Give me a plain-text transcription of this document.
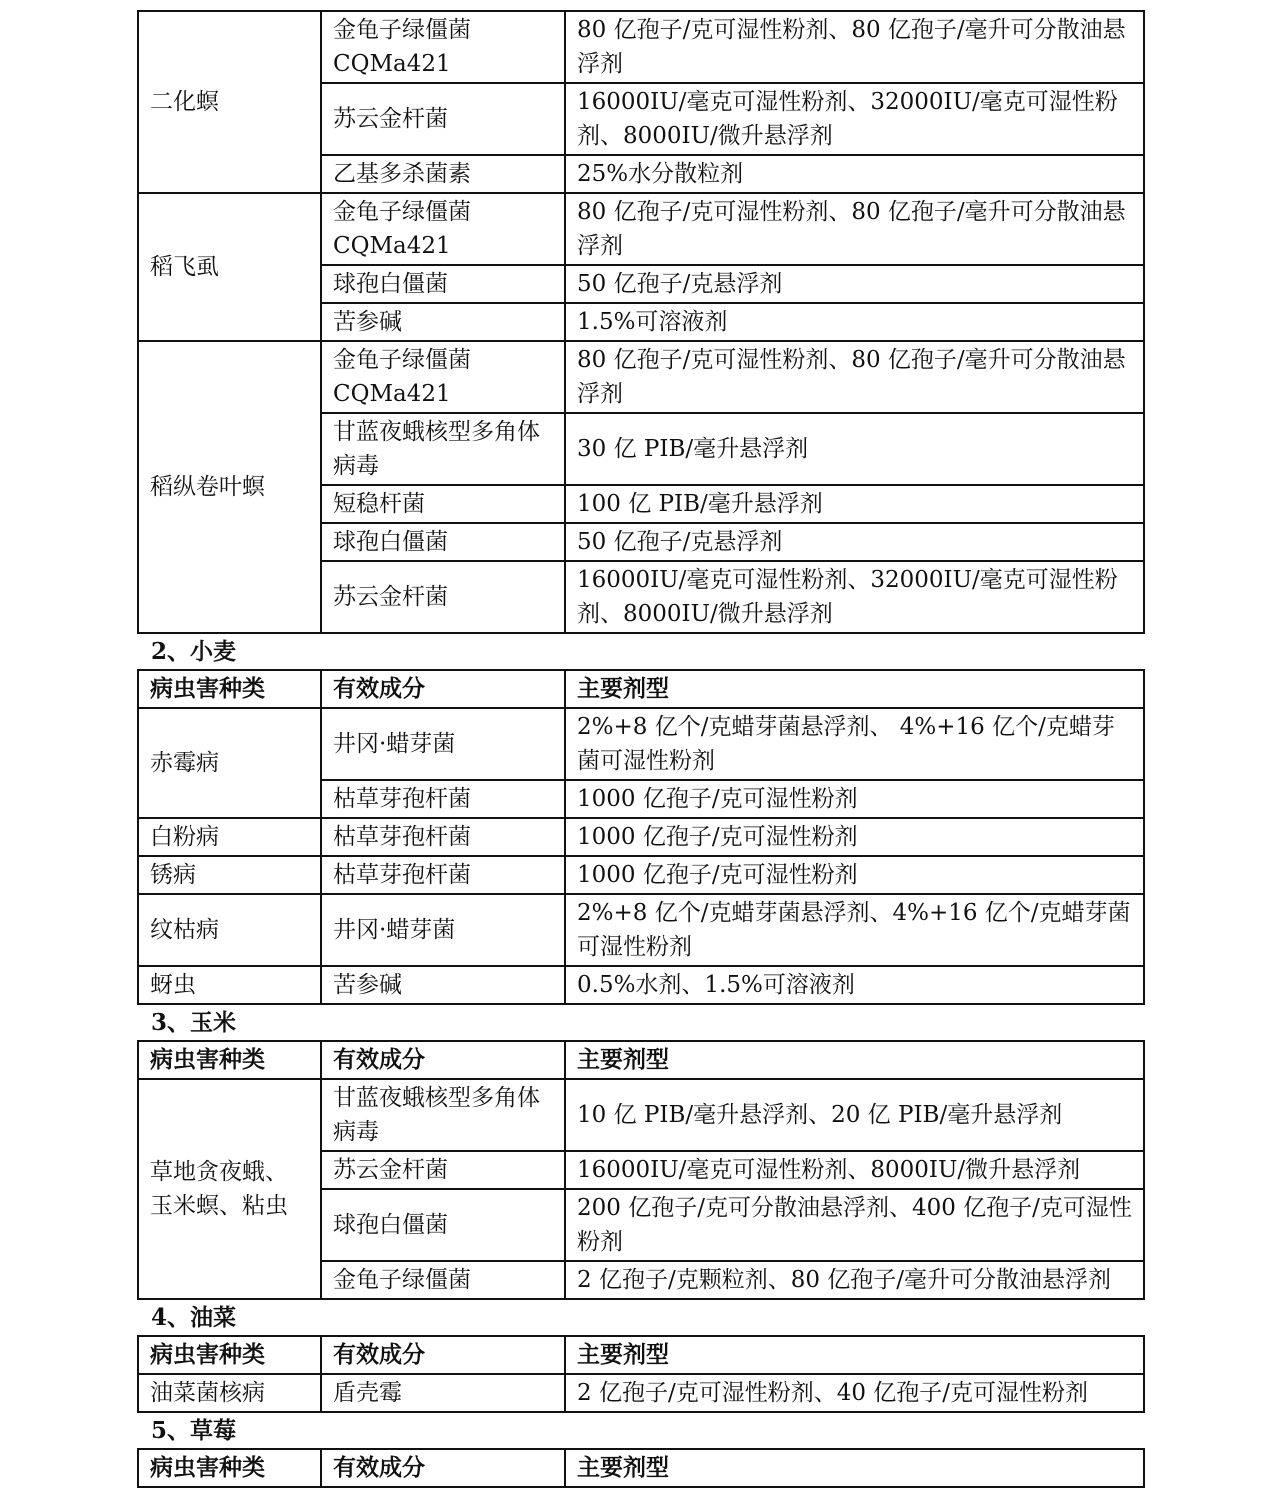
二化螟	金龟子绿僵菌 CQMa421	80 亿孢子/克可湿性粉剂、80 亿孢子/毫升可分散油悬浮剂
	苏云金杆菌	16000IU/毫克可湿性粉剂、32000IU/毫克可湿性粉剂、8000IU/微升悬浮剂
	乙基多杀菌素	25%水分散粒剂
稻飞虱	金龟子绿僵菌 CQMa421	80 亿孢子/克可湿性粉剂、80 亿孢子/毫升可分散油悬浮剂
	球孢白僵菌	50 亿孢子/克悬浮剂
	苦参碱	1.5%可溶液剂
稻纵卷叶螟	金龟子绿僵菌 CQMa421	80 亿孢子/克可湿性粉剂、80 亿孢子/毫升可分散油悬浮剂
	甘蓝夜蛾核型多角体病毒	30 亿 PIB/毫升悬浮剂
	短稳杆菌	100 亿 PIB/毫升悬浮剂
	球孢白僵菌	50 亿孢子/克悬浮剂
	苏云金杆菌	16000IU/毫克可湿性粉剂、32000IU/毫克可湿性粉剂、8000IU/微升悬浮剂
2、小麦
病虫害种类	有效成分	主要剂型
赤霉病	井冈·蜡芽菌	2%+8 亿个/克蜡芽菌悬浮剂、 4%+16 亿个/克蜡芽菌可湿性粉剂
	枯草芽孢杆菌	1000 亿孢子/克可湿性粉剂
白粉病	枯草芽孢杆菌	1000 亿孢子/克可湿性粉剂
锈病	枯草芽孢杆菌	1000 亿孢子/克可湿性粉剂
纹枯病	井冈·蜡芽菌	2%+8 亿个/克蜡芽菌悬浮剂、4%+16 亿个/克蜡芽菌可湿性粉剂
蚜虫	苦参碱	0.5%水剂、1.5%可溶液剂
3、玉米
病虫害种类	有效成分	主要剂型
草地贪夜蛾、玉米螟、粘虫	甘蓝夜蛾核型多角体病毒	10 亿 PIB/毫升悬浮剂、20 亿 PIB/毫升悬浮剂
	苏云金杆菌	16000IU/毫克可湿性粉剂、8000IU/微升悬浮剂
	球孢白僵菌	200 亿孢子/克可分散油悬浮剂、400 亿孢子/克可湿性粉剂
	金龟子绿僵菌	2 亿孢子/克颗粒剂、80 亿孢子/毫升可分散油悬浮剂
4、油菜
病虫害种类	有效成分	主要剂型
油菜菌核病	盾壳霉	2 亿孢子/克可湿性粉剂、40 亿孢子/克可湿性粉剂
5、草莓
病虫害种类	有效成分	主要剂型
